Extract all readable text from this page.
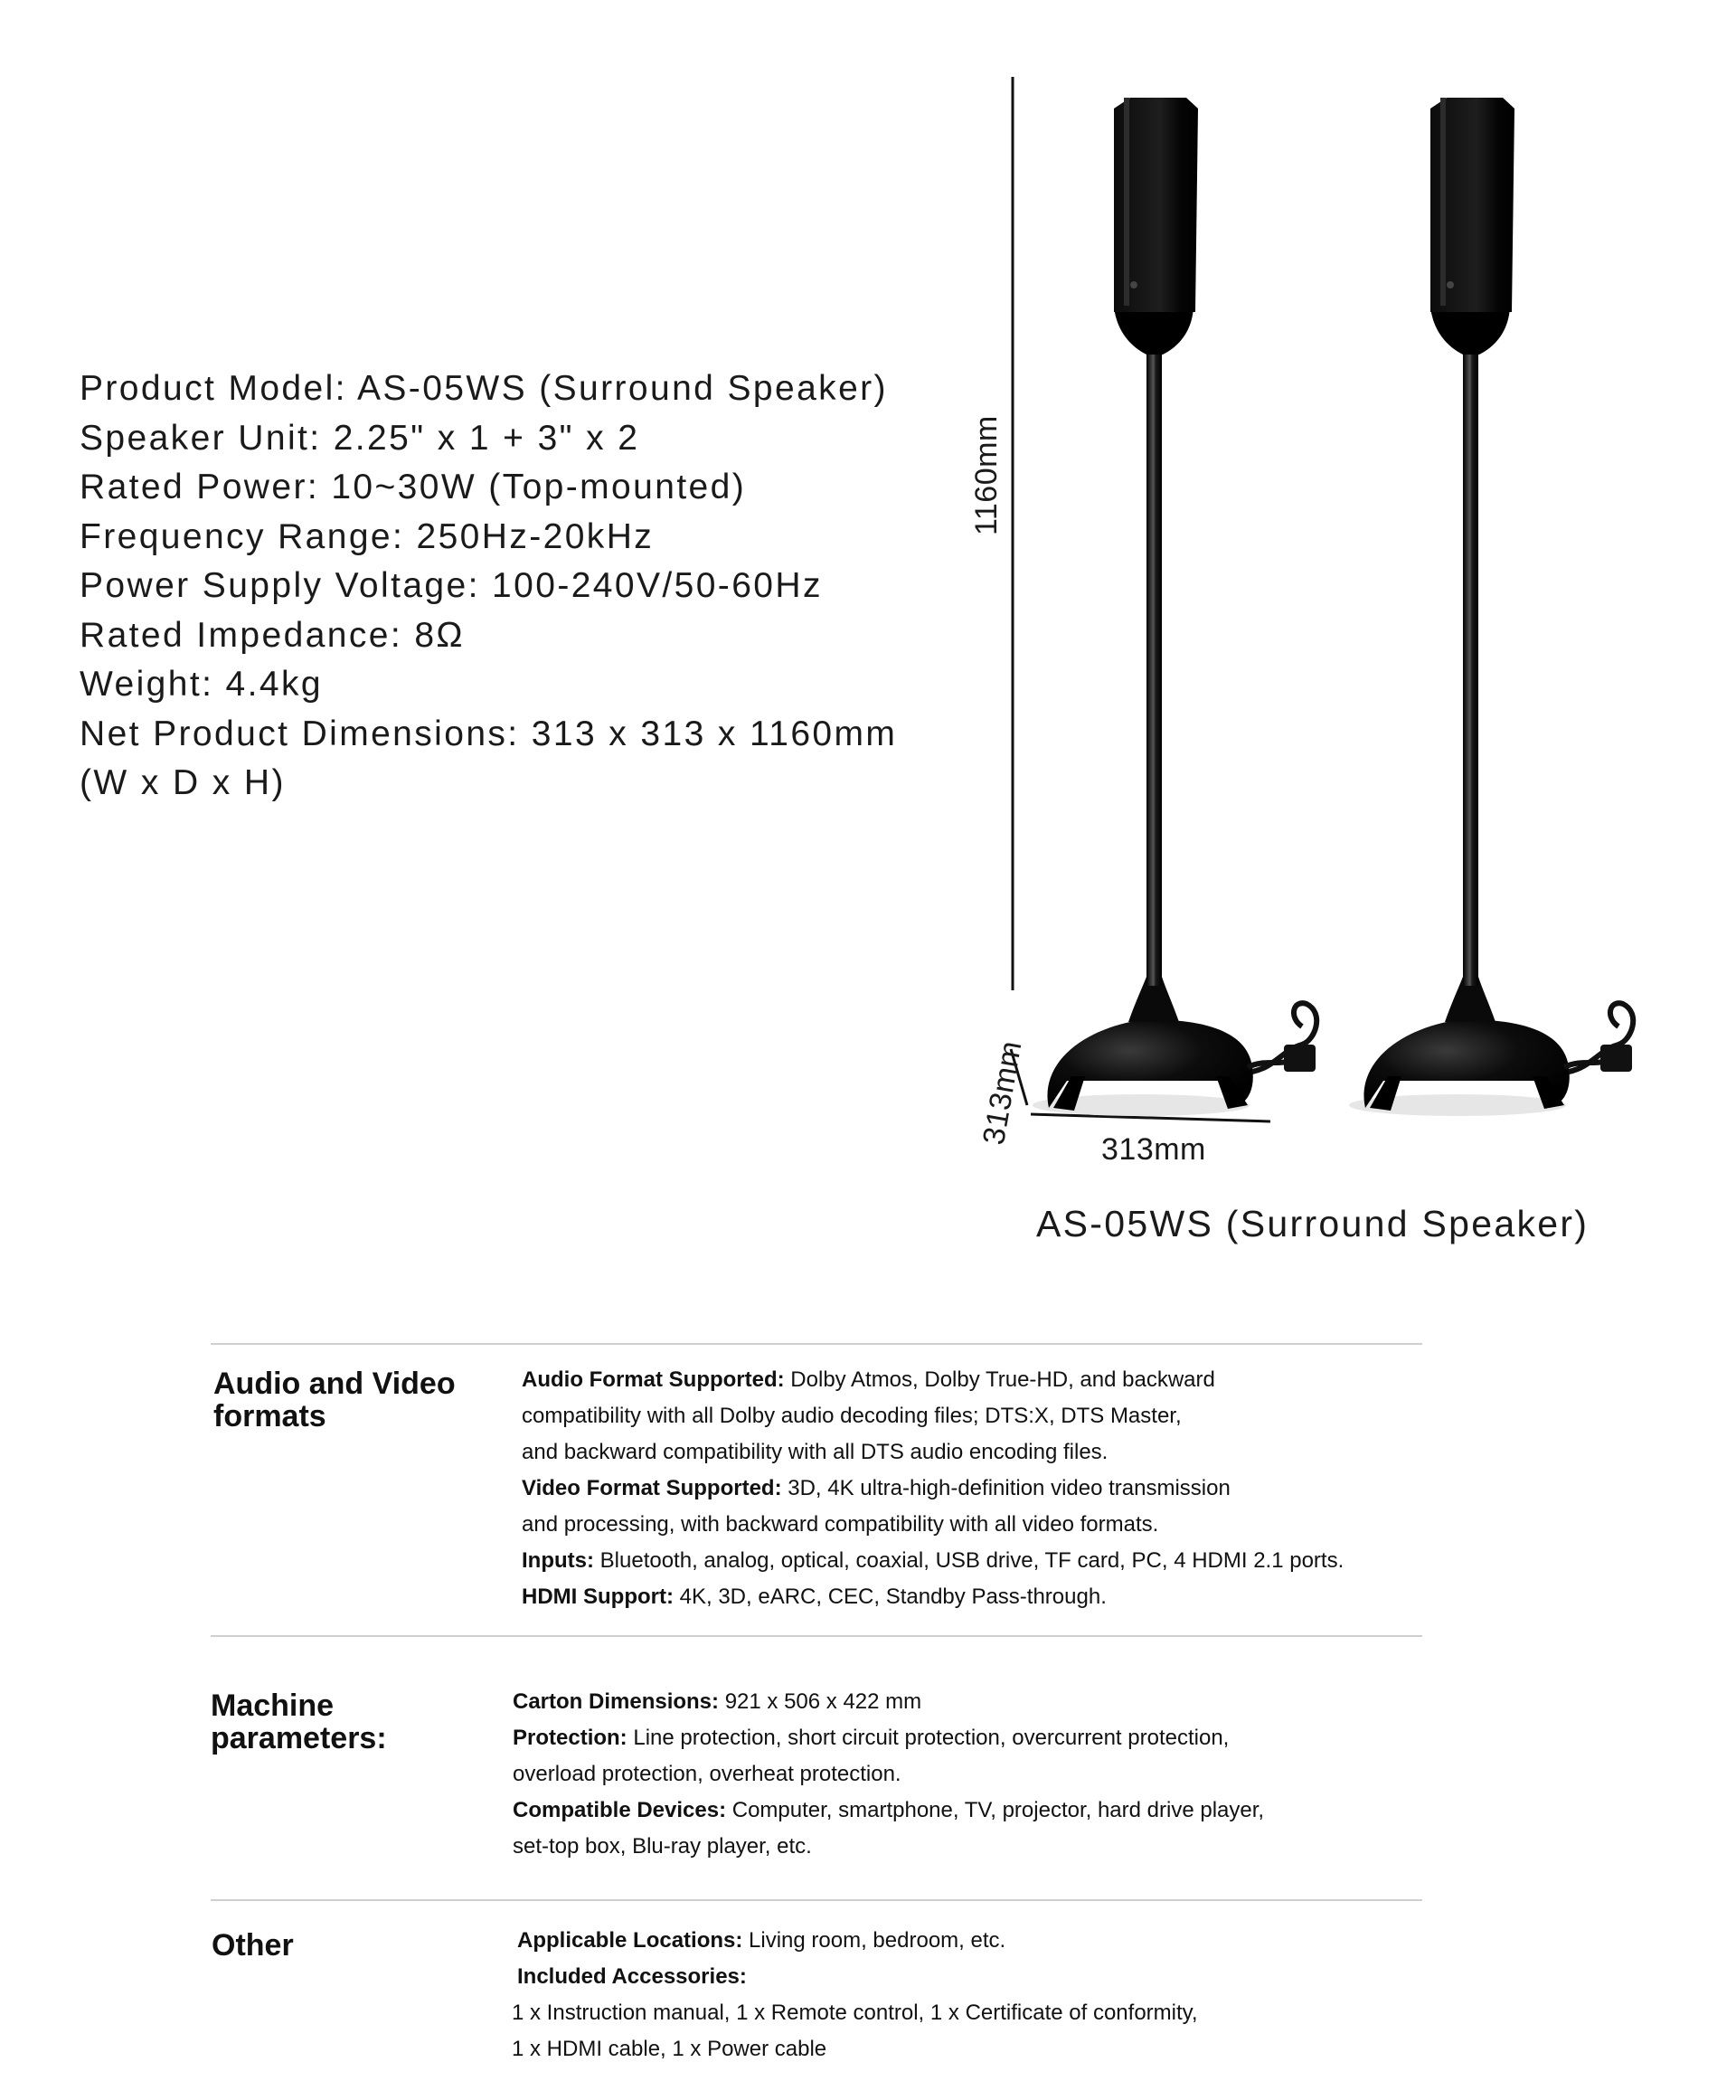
Product Model: AS-05WS (Surround Speaker)
Speaker Unit: 2.25" x 1 + 3" x 2
Rated Power: 10~30W (Top-mounted)
Frequency Range: 250Hz-20kHz
Power Supply Voltage: 100-240V/50-60Hz
Rated Impedance: 8Ω
Weight: 4.4kg
Net Product Dimensions: 313 x 313 x 1160mm
(W x D x H)
1160mm
313mm
313mm
AS-05WS (Surround Speaker)
Audio and Video
formats
Audio Format Supported: Dolby Atmos, Dolby True-HD, and backward
compatibility with all Dolby audio decoding files; DTS:X, DTS Master,
and backward compatibility with all DTS audio encoding files.
Video Format Supported: 3D, 4K ultra-high-definition video transmission
and processing, with backward compatibility with all video formats.
Inputs: Bluetooth, analog, optical, coaxial, USB drive, TF card, PC, 4 HDMI 2.1 ports.
HDMI Support: 4K, 3D, eARC, CEC, Standby Pass-through.
Machine
parameters:
Carton Dimensions: 921 x 506 x 422 mm
Protection: Line protection, short circuit protection, overcurrent protection,
overload protection, overheat protection.
Compatible Devices: Computer, smartphone, TV, projector, hard drive player,
set-top box, Blu-ray player, etc.
Other	Applicable Locations: Living room, bedroom, etc.
Included Accessories:
1 x Instruction manual, 1 x Remote control, 1 x Certificate of conformity,
1 x HDMI cable, 1 x Power cable
